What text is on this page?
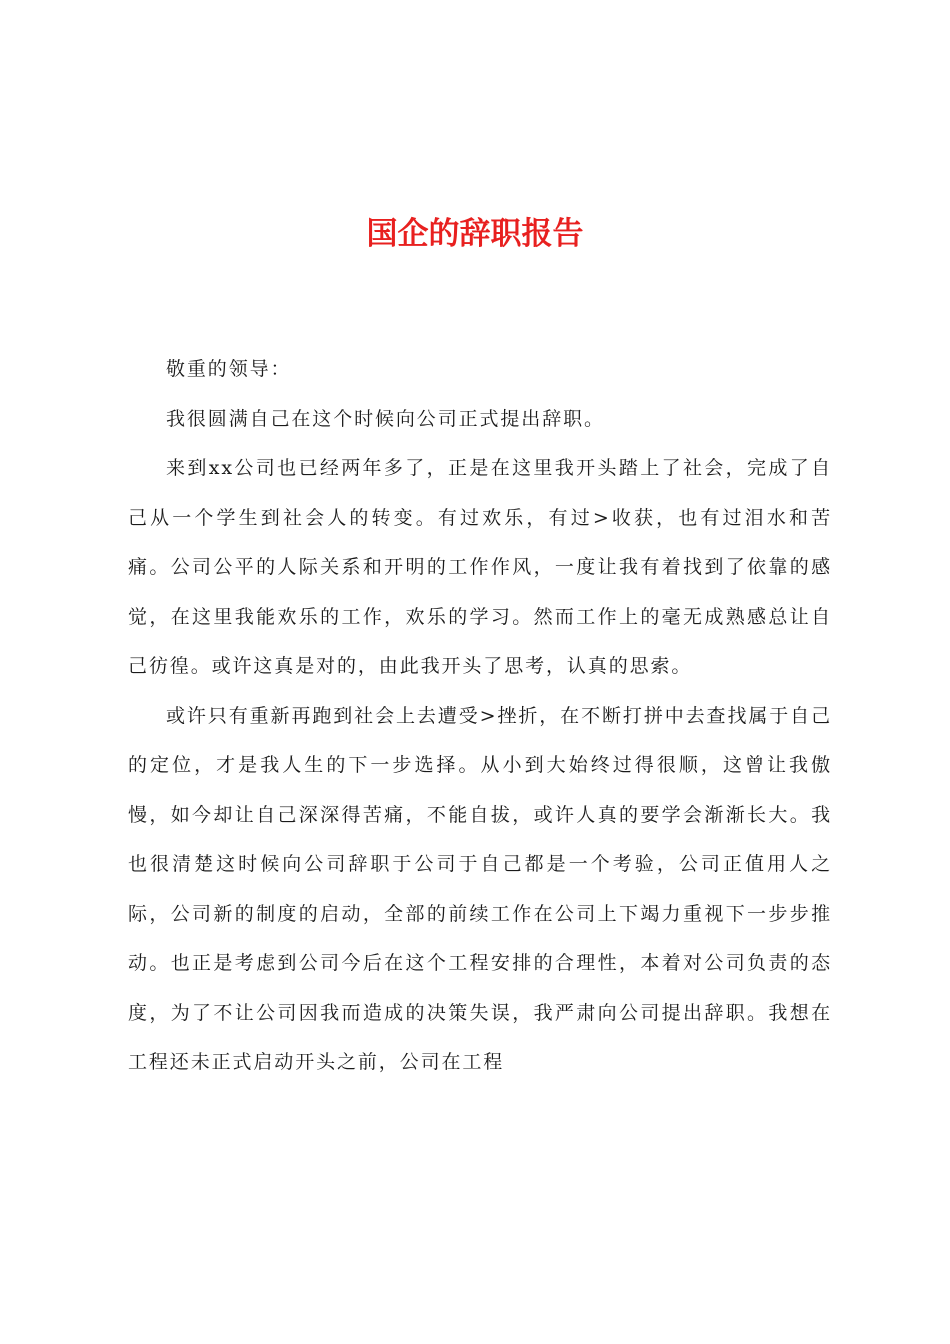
国企的辞职报告

敬重的领导：

我很圆满自己在这个时候向公司正式提出辞职。

来到xx公司也已经两年多了，正是在这里我开头踏上了社会，完成了自己从一个学生到社会人的转变。有过欢乐，有过>收获，也有过泪水和苦痛。公司公平的人际关系和开明的工作作风，一度让我有着找到了依靠的感觉，在这里我能欢乐的工作，欢乐的学习。然而工作上的毫无成熟感总让自己彷徨。或许这真是对的，由此我开头了思考，认真的思索。

或许只有重新再跑到社会上去遭受>挫折，在不断打拼中去查找属于自己的定位，才是我人生的下一步选择。从小到大始终过得很顺，这曾让我傲慢，如今却让自己深深得苦痛，不能自拔，或许人真的要学会渐渐长大。我也很清楚这时候向公司辞职于公司于自己都是一个考验，公司正值用人之际，公司新的制度的启动，全部的前续工作在公司上下竭力重视下一步步推动。也正是考虑到公司今后在这个工程安排的合理性，本着对公司负责的态度，为了不让公司因我而造成的决策失误，我严肃向公司提出辞职。我想在工程还未正式启动开头之前，公司在工程
